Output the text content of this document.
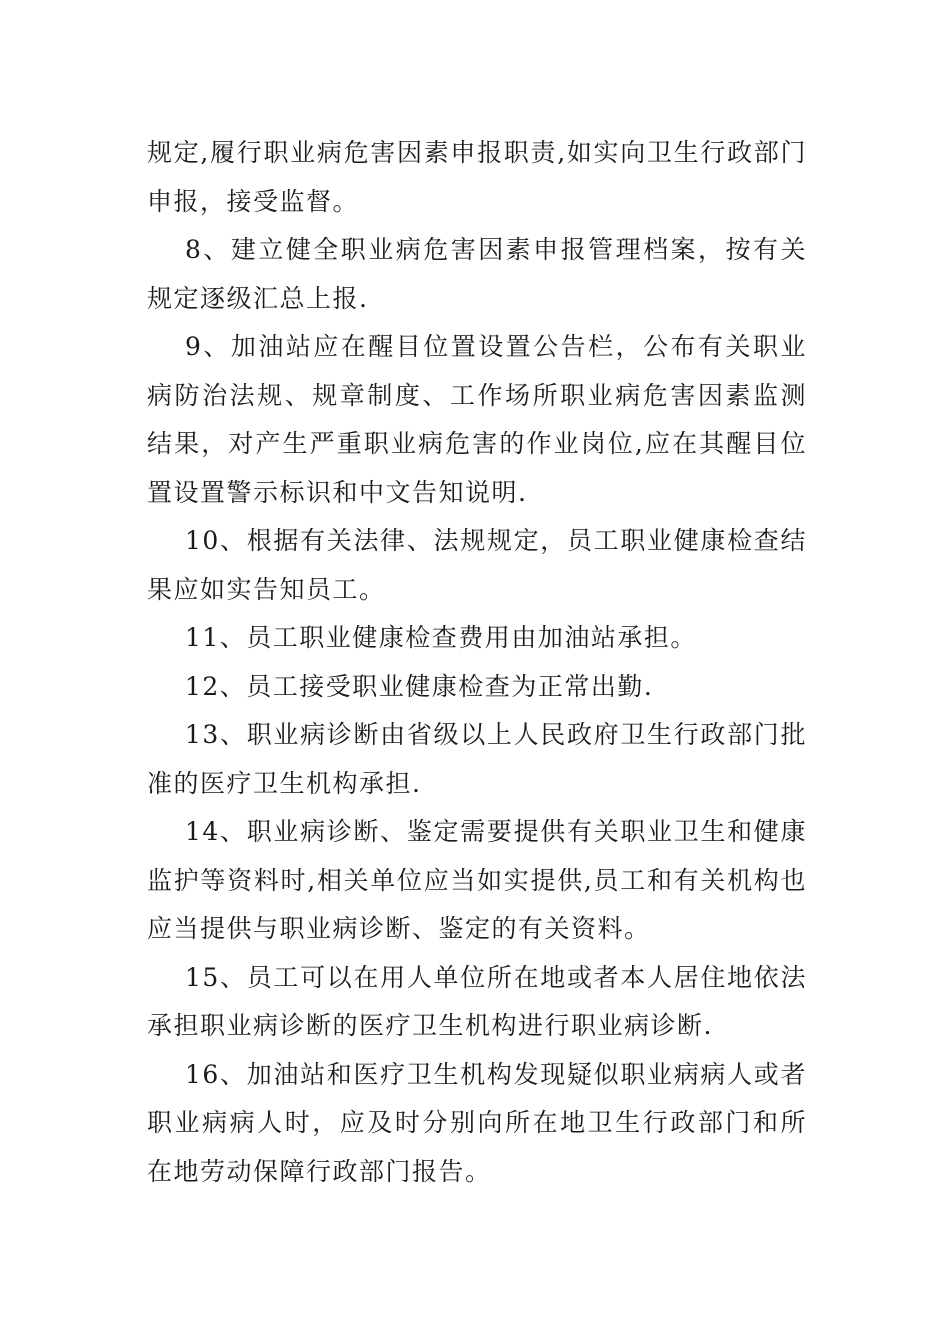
规定,履行职业病危害因素申报职责,如实向卫生行政部门申报，接受监督。

8、建立健全职业病危害因素申报管理档案，按有关规定逐级汇总上报.

9、加油站应在醒目位置设置公告栏，公布有关职业病防治法规、规章制度、工作场所职业病危害因素监测结果，对产生严重职业病危害的作业岗位,应在其醒目位置设置警示标识和中文告知说明.

10、根据有关法律、法规规定，员工职业健康检查结果应如实告知员工。

11、员工职业健康检查费用由加油站承担。

12、员工接受职业健康检查为正常出勤.

13、职业病诊断由省级以上人民政府卫生行政部门批准的医疗卫生机构承担.

14、职业病诊断、鉴定需要提供有关职业卫生和健康监护等资料时,相关单位应当如实提供,员工和有关机构也应当提供与职业病诊断、鉴定的有关资料。

15、员工可以在用人单位所在地或者本人居住地依法承担职业病诊断的医疗卫生机构进行职业病诊断.

16、加油站和医疗卫生机构发现疑似职业病病人或者职业病病人时，应及时分别向所在地卫生行政部门和所在地劳动保障行政部门报告。
